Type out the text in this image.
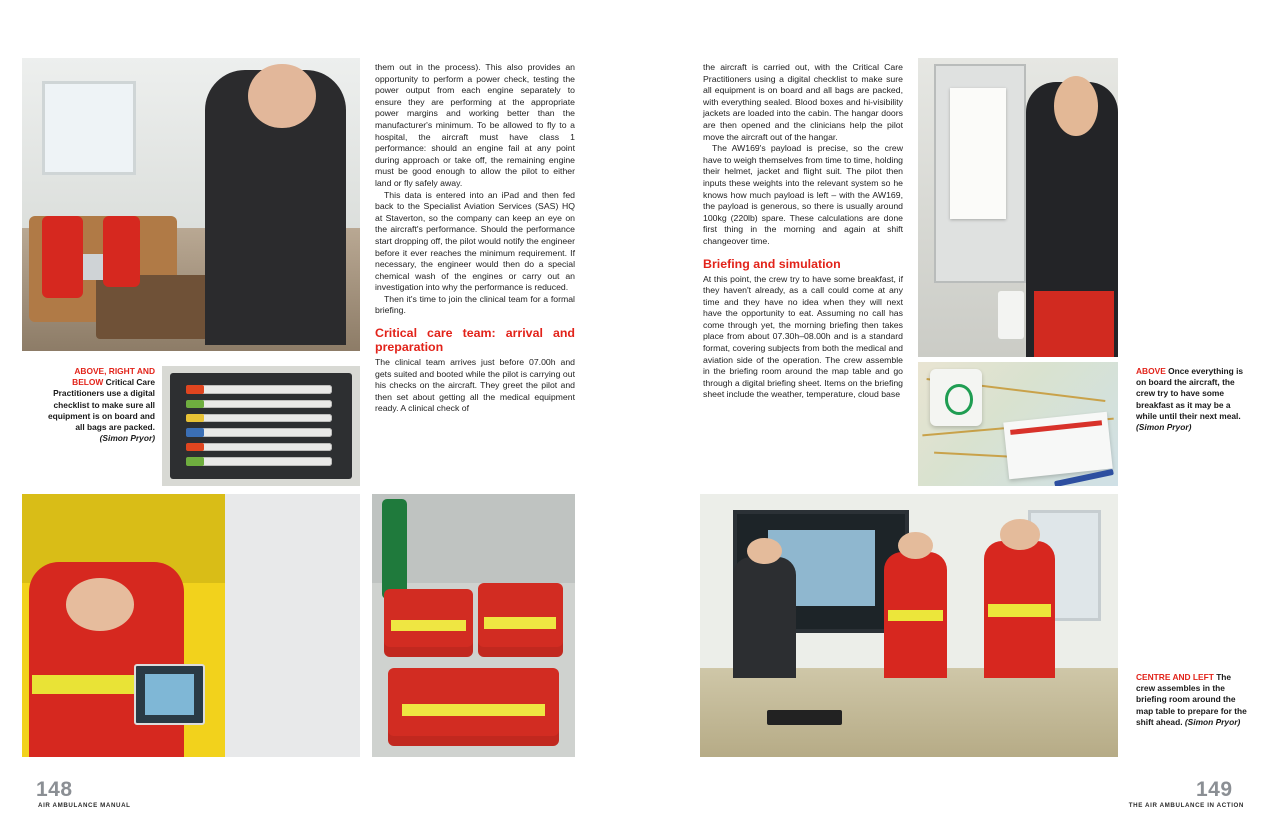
them out in the process). This also provides an opportunity to perform a power check, testing the power output from each engine separately to ensure they are performing at the appropriate power margins and working better than the manufacturer's minimum. To be allowed to fly to a hospital, the aircraft must have class 1 performance: should an engine fail at any point during approach or take off, the remaining engine must be good enough to allow the pilot to either land or fly safely away.

This data is entered into an iPad and then fed back to the Specialist Aviation Services (SAS) HQ at Staverton, so the company can keep an eye on the aircraft's performance. Should the performance start dropping off, the pilot would notify the engineer before it ever reaches the minimum requirement. If necessary, the engineer would then do a special chemical wash of the engines or carry out an investigation into why the performance is reduced.

Then it's time to join the clinical team for a formal briefing.

Critical care team: arrival and preparation

The clinical team arrives just before 07.00h and gets suited and booted while the pilot is carrying out his checks on the aircraft. They greet the pilot and then set about getting all the medical equipment ready. A clinical check of

ABOVE, RIGHT AND BELOW Critical Care Practitioners use a digital checklist to make sure all equipment is on board and all bags are packed. (Simon Pryor)
148
AIR AMBULANCE MANUAL

the aircraft is carried out, with the Critical Care Practitioners using a digital checklist to make sure all equipment is on board and all bags are packed, with everything sealed. Blood boxes and hi-visibility jackets are loaded into the cabin. The hangar doors are then opened and the clinicians help the pilot move the aircraft out of the hangar.

The AW169's payload is precise, so the crew have to weigh themselves from time to time, holding their helmet, jacket and flight suit. The pilot then inputs these weights into the relevant system so he knows how much payload is left – with the AW169, the payload is generous, so there is usually around 100kg (220lb) spare. These calculations are done first thing in the morning and again at shift changeover time.

Briefing and simulation

At this point, the crew try to have some breakfast, if they haven't already, as a call could come at any time and they have no idea when they will next have the opportunity to eat. Assuming no call has come through yet, the morning briefing then takes place from about 07.30h–08.00h and is a standard format, covering subjects from both the medical and aviation side of the operation. The crew assemble in the briefing room around the map table and go through a digital briefing sheet. Items on the briefing sheet include the weather, temperature, cloud base

ABOVE Once everything is on board the aircraft, the crew try to have some breakfast as it may be a while until their next meal. (Simon Pryor)
CENTRE AND LEFT The crew assembles in the briefing room around the map table to prepare for the shift ahead. (Simon Pryor)
149
THE AIR AMBULANCE IN ACTION
